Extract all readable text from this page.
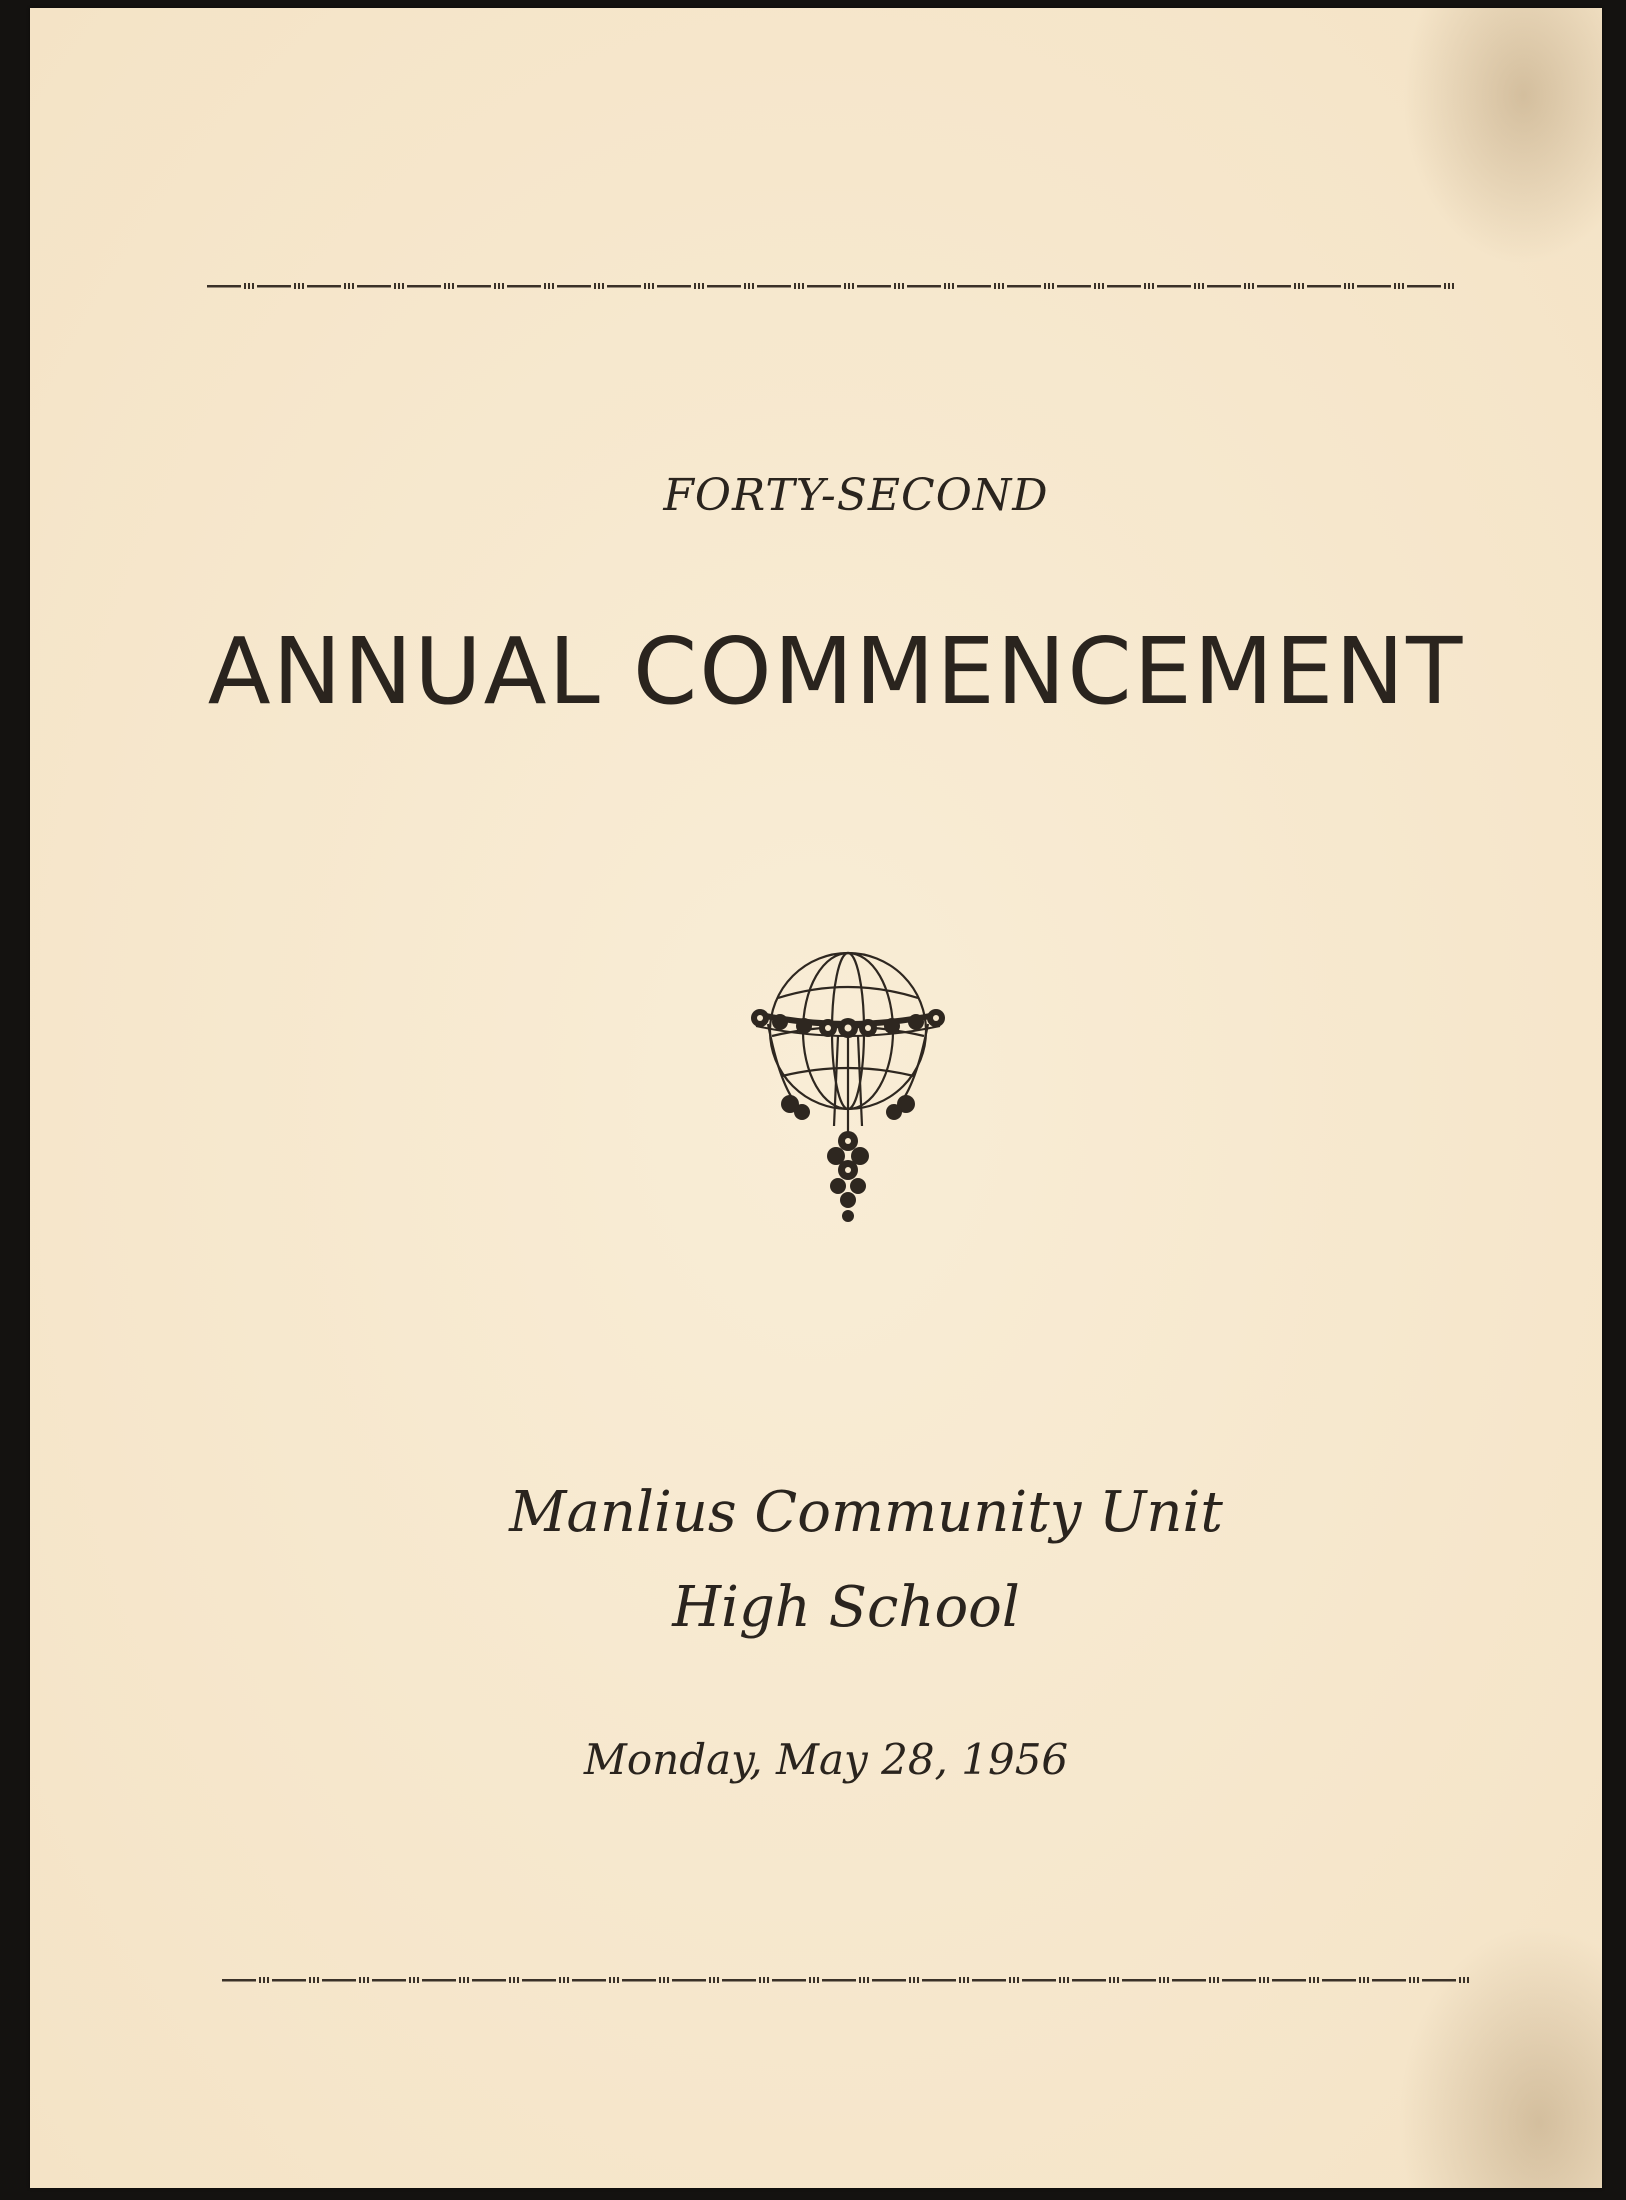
FORTY-SECOND
ANNUAL COMMENCEMENT
Manlius Community Unit
High School
Monday, May 28, 1956
